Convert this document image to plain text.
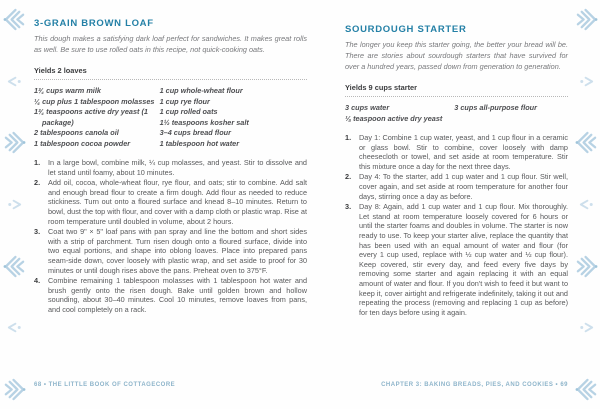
3-GRAIN BROWN LOAF

This dough makes a satisfying dark loaf perfect for sandwiches. It makes great rolls as well. Be sure to use rolled oats in this recipe, not quick-cooking oats.

Yields 2 loaves
1¾ cups warm milk
¼ cup plus 1 tablespoon molasses
1¾ teaspoons active dry yeast (1 package)
2 tablespoons canola oil
1 tablespoon cocoa powder
1 cup whole-wheat flour
1 cup rye flour
1 cup rolled oats
1½ teaspoons kosher salt
3–4 cups bread flour
1 tablespoon hot water
In a large bowl, combine milk, ¼ cup molasses, and yeast. Stir to dissolve and let stand until foamy, about 10 minutes.
Add oil, cocoa, whole-wheat flour, rye flour, and oats; stir to combine. Add salt and enough bread flour to create a firm dough. Add flour as needed to reduce stickiness. Turn out onto a floured surface and knead 8–10 minutes. Return to bowl, dust the top with flour, and cover with a damp cloth or plastic wrap. Rise at room temperature until doubled in volume, about 2 hours.
Coat two 9" × 5" loaf pans with pan spray and line the bottom and short sides with a strip of parchment. Turn risen dough onto a floured surface, divide into two equal portions, and shape into oblong loaves. Place into prepared pans seam-side down, cover loosely with plastic wrap, and set aside to proof for 30 minutes or until dough rises above the pans. Preheat oven to 375°F.
Combine remaining 1 tablespoon molasses with 1 tablespoon hot water and brush gently onto the risen dough. Bake until golden brown and hollow sounding, about 30–40 minutes. Cool 10 minutes, remove loaves from pans, and cool completely on a rack.
SOURDOUGH STARTER

The longer you keep this starter going, the better your bread will be. There are stories about sourdough starters that have survived for over a hundred years, passed down from generation to generation.

Yields 9 cups starter
3 cups water
⅛ teaspoon active dry yeast
3 cups all-purpose flour
Day 1: Combine 1 cup water, yeast, and 1 cup flour in a ceramic or glass bowl. Stir to combine, cover loosely with damp cheesecloth or towel, and set aside at room temperature. Stir this mixture once a day for the next three days.
Day 4: To the starter, add 1 cup water and 1 cup flour. Stir well, cover again, and set aside at room temperature for another four days, stirring once a day as before.
Day 8: Again, add 1 cup water and 1 cup flour. Mix thoroughly. Let stand at room temperature loosely covered for 6 hours or until the starter foams and doubles in volume. The starter is now ready to use. To keep your starter alive, replace the quantity that has been used with an equal amount of water and flour (for every 1 cup used, replace with ½ cup water and ½ cup flour). Keep covered, stir every day, and feed every five days by removing some starter and again replacing it with an equal amount of water and flour. If you don't wish to feed it but want to keep it, cover airtight and refrigerate indefinitely, taking it out and repeating the process (removing and replacing 1 cup as before) for ten days before using it again.
68 • THE LITTLE BOOK OF COTTAGECORE	CHAPTER 3: BAKING BREADS, PIES, AND COOKIES • 69
